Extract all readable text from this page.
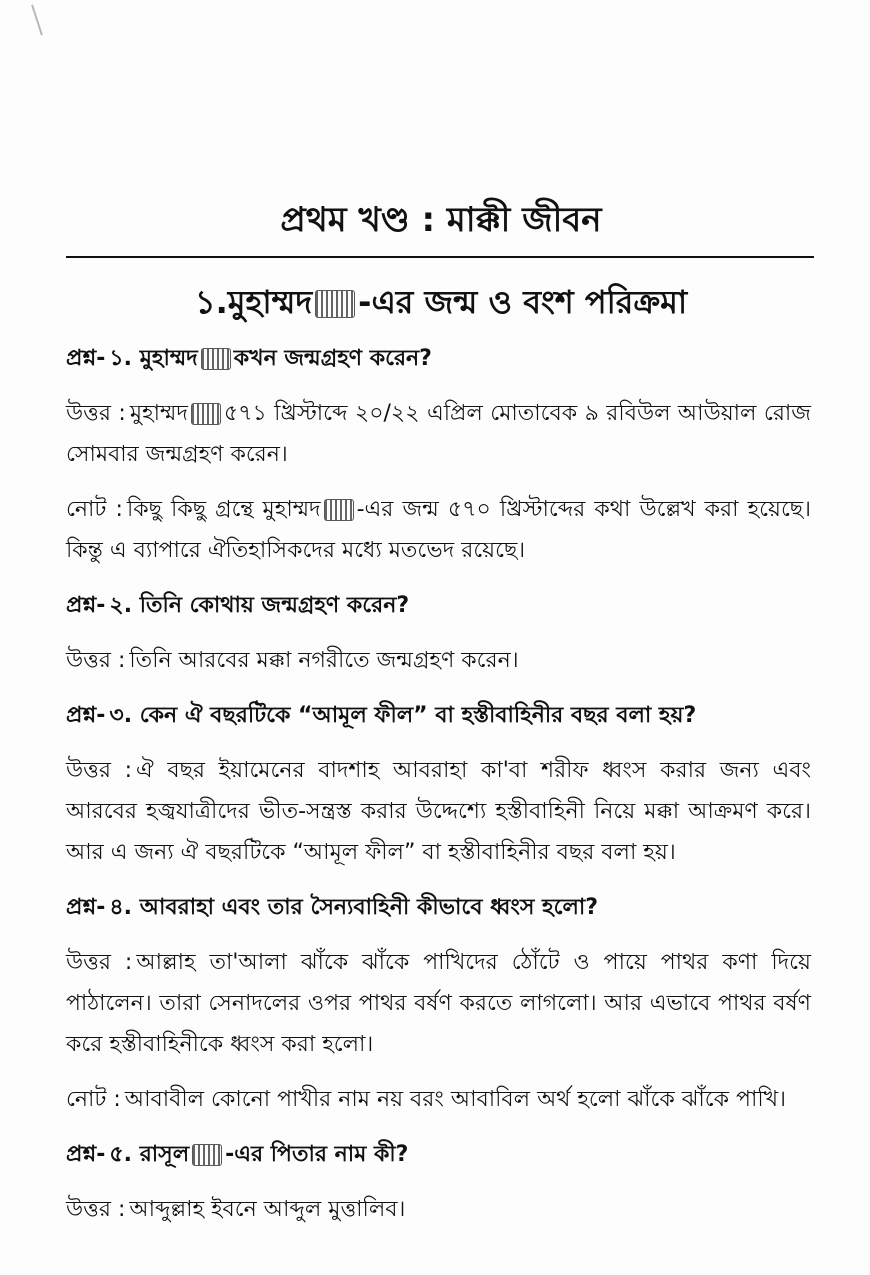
প্রথম খণ্ড : মাক্কী জীবন
১.মুহাম্মদ -এর জন্ম ও বংশ পরিক্রমা

প্রশ্ন- ১. মুহাম্মদ কখন জন্মগ্রহণ করেন?

উত্তর : মুহাম্মদ ৫৭১ খ্রিস্টাব্দে ২০/২২ এপ্রিল মোতাবেক ৯ রবিউল আউয়াল রোজ সোমবার জন্মগ্রহণ করেন।

নোট : কিছু কিছু গ্রন্থে মুহাম্মদ -এর জন্ম ৫৭০ খ্রিস্টাব্দের কথা উল্লেখ করা হয়েছে। কিন্তু এ ব্যাপারে ঐতিহাসিকদের মধ্যে মতভেদ রয়েছে।

প্রশ্ন- ২. তিনি কোথায় জন্মগ্রহণ করেন?

উত্তর : তিনি আরবের মক্কা নগরীতে জন্মগ্রহণ করেন।

প্রশ্ন- ৩. কেন ঐ বছরটিকে “আমূল ফীল” বা হস্তীবাহিনীর বছর বলা হয়?

উত্তর : ঐ বছর ইয়ামেনের বাদশাহ আবরাহা কা'বা শরীফ ধ্বংস করার জন্য এবং আরবের হজ্বযাত্রীদের ভীত-সন্ত্রস্ত করার উদ্দেশ্যে হস্তীবাহিনী নিয়ে মক্কা আক্রমণ করে। আর এ জন্য ঐ বছরটিকে “আমূল ফীল” বা হস্তীবাহিনীর বছর বলা হয়।

প্রশ্ন- ৪. আবরাহা এবং তার সৈন্যবাহিনী কীভাবে ধ্বংস হলো?

উত্তর : আল্লাহ তা'আলা ঝাঁকে ঝাঁকে পাখিদের ঠোঁটে ও পায়ে পাথর কণা দিয়ে পাঠালেন। তারা সেনাদলের ওপর পাথর বর্ষণ করতে লাগলো। আর এভাবে পাথর বর্ষণ করে হস্তীবাহিনীকে ধ্বংস করা হলো।

নোট : আবাবীল কোনো পাখীর নাম নয় বরং আবাবিল অর্থ হলো ঝাঁকে ঝাঁকে পাখি।

প্রশ্ন- ৫. রাসূল -এর পিতার নাম কী?

উত্তর : আব্দুল্লাহ ইবনে আব্দুল মুত্তালিব।
